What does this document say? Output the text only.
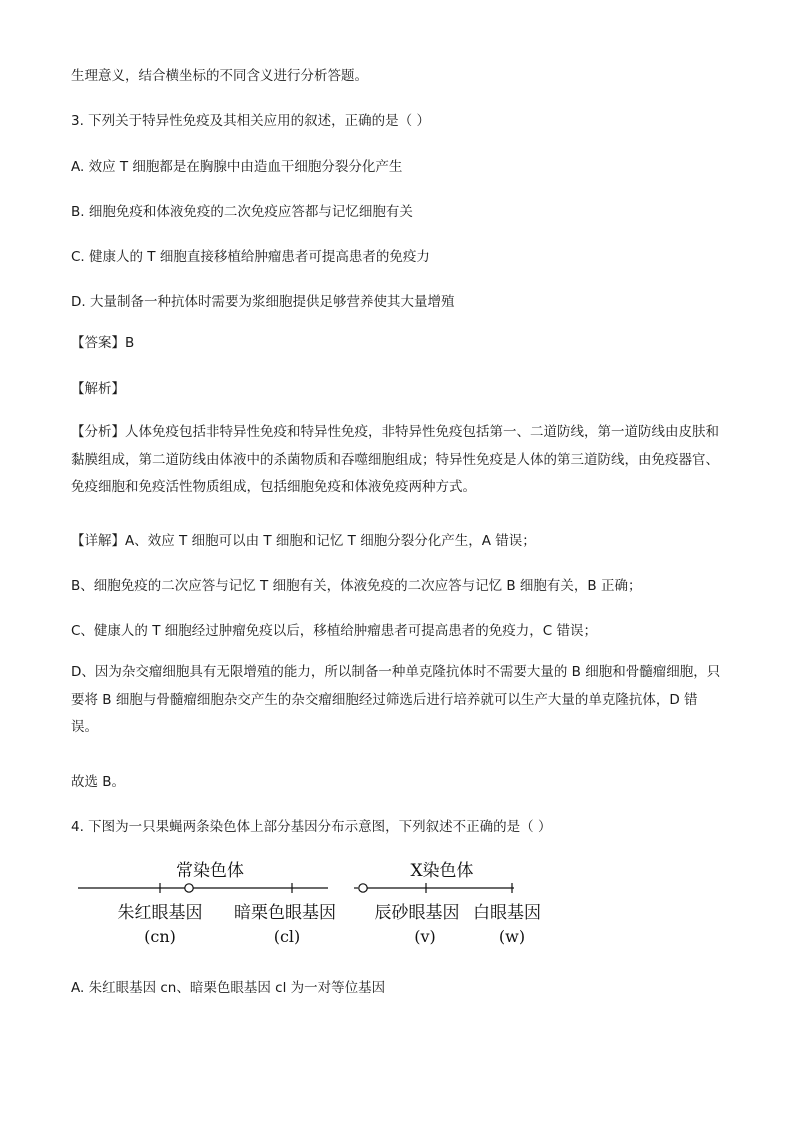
生理意义，结合横坐标的不同含义进行分析答题。
3. 下列关于特异性免疫及其相关应用的叙述，正确的是（ ）
A. 效应 T 细胞都是在胸腺中由造血干细胞分裂分化产生
B. 细胞免疫和体液免疫的二次免疫应答都与记忆细胞有关
C. 健康人的 T 细胞直接移植给肿瘤患者可提高患者的免疫力
D. 大量制备一种抗体时需要为浆细胞提供足够营养使其大量增殖
【答案】B
【解析】
【分析】人体免疫包括非特异性免疫和特异性免疫，非特异性免疫包括第一、二道防线，第一道防线由皮肤和黏膜组成，第二道防线由体液中的杀菌物质和吞噬细胞组成；特异性免疫是人体的第三道防线，由免疫器官、免疫细胞和免疫活性物质组成，包括细胞免疫和体液免疫两种方式。
【详解】A、效应 T 细胞可以由 T 细胞和记忆 T 细胞分裂分化产生，A 错误；
B、细胞免疫的二次应答与记忆 T 细胞有关，体液免疫的二次应答与记忆 B 细胞有关，B 正确；
C、健康人的 T 细胞经过肿瘤免疫以后，移植给肿瘤患者可提高患者的免疫力，C 错误；
D、因为杂交瘤细胞具有无限增殖的能力，所以制备一种单克隆抗体时不需要大量的 B 细胞和骨髓瘤细胞，只要将 B 细胞与骨髓瘤细胞杂交产生的杂交瘤细胞经过筛选后进行培养就可以生产大量的单克隆抗体，D 错误。
故选 B。
4. 下图为一只果蝇两条染色体上部分基因分布示意图，下列叙述不正确的是（ ）
常染色体	X染色体
朱红眼基因
(cn)
暗栗色眼基因
(cl)
辰砂眼基因
(v)
白眼基因
(w)
A. 朱红眼基因 cn、暗栗色眼基因 cl 为一对等位基因
